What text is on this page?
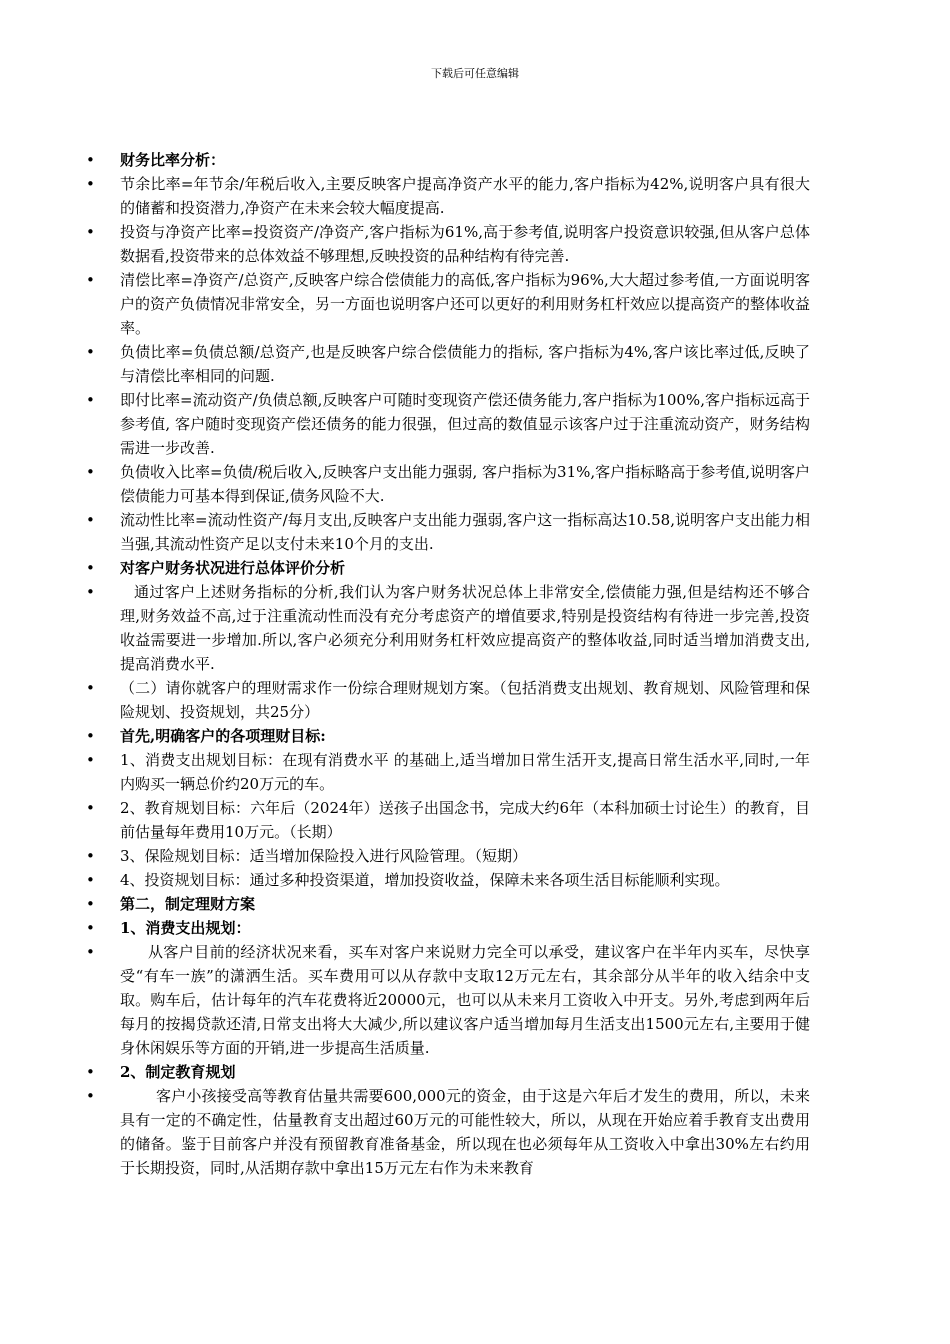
下载后可任意编辑
• 财务比率分析：
• 节余比率=年节余/年税后收入,主要反映客户提高净资产水平的能力,客户指标为42%,说明客户具有很大的储蓄和投资潜力,净资产在未来会较大幅度提高.
• 投资与净资产比率=投资资产/净资产,客户指标为61%,高于参考值,说明客户投资意识较强,但从客户总体数据看,投资带来的总体效益不够理想,反映投资的品种结构有待完善.
• 清偿比率=净资产/总资产,反映客户综合偿债能力的高低,客户指标为96%,大大超过参考值,一方面说明客户的资产负债情况非常安全，另一方面也说明客户还可以更好的利用财务杠杆效应以提高资产的整体收益率。
• 负债比率=负债总额/总资产,也是反映客户综合偿债能力的指标, 客户指标为4%,客户该比率过低,反映了与清偿比率相同的问题.
• 即付比率=流动资产/负债总额,反映客户可随时变现资产偿还债务能力,客户指标为100%,客户指标远高于参考值, 客户随时变现资产偿还债务的能力很强，但过高的数值显示该客户过于注重流动资产，财务结构需进一步改善.
• 负债收入比率=负债/税后收入,反映客户支出能力强弱, 客户指标为31%,客户指标略高于参考值,说明客户偿债能力可基本得到保证,债务风险不大.
• 流动性比率=流动性资产/每月支出,反映客户支出能力强弱,客户这一指标高达10.58,说明客户支出能力相当强,其流动性资产足以支付未来10个月的支出.
• 对客户财务状况进行总体评价分析
•	通过客户上述财务指标的分析,我们认为客户财务状况总体上非常安全,偿债能力强,但是结构还不够合理,财务效益不高,过于注重流动性而没有充分考虑资产的增值要求,特别是投资结构有待进一步完善,投资收益需要进一步增加.所以,客户必须充分利用财务杠杆效应提高资产的整体收益,同时适当增加消费支出,提高消费水平.
• （二）请你就客户的理财需求作一份综合理财规划方案。（包括消费支出规划、教育规划、风险管理和保险规划、投资规划，共25分）
• 首先,明确客户的各项理财目标:
• 1、消费支出规划目标：在现有消费水平 的基础上,适当增加日常生活开支,提高日常生活水平,同时,一年内购买一辆总价约20万元的车。
• 2、教育规划目标：六年后（2024年）送孩子出国念书，完成大约6年（本科加硕士讨论生）的教育，目前估量每年费用10万元。（长期）
• 3、保险规划目标：适当增加保险投入进行风险管理。（短期）
• 4、投资规划目标：通过多种投资渠道，增加投资收益，保障未来各项生活目标能顺利实现。
• 第二，制定理财方案
• 1、消费支出规划：
•	从客户目前的经济状况来看，买车对客户来说财力完全可以承受，建议客户在半年内买车，尽快享受“有车一族”的潇洒生活。买车费用可以从存款中支取12万元左右，其余部分从半年的收入结余中支取。购车后，估计每年的汽车花费将近20000元，也可以从未来月工资收入中开支。另外,考虑到两年后每月的按揭贷款还清,日常支出将大大减少,所以建议客户适当增加每月生活支出1500元左右,主要用于健身休闲娱乐等方面的开销,进一步提高生活质量.
• 2、制定教育规划
•	客户小孩接受高等教育估量共需要600,000元的资金，由于这是六年后才发生的费用，所以，未来具有一定的不确定性，估量教育支出超过60万元的可能性较大，所以，从现在开始应着手教育支出费用的储备。鉴于目前客户并没有预留教育准备基金，所以现在也必须每年从工资收入中拿出30%左右约用于长期投资，同时,从活期存款中拿出15万元左右作为未来教育
